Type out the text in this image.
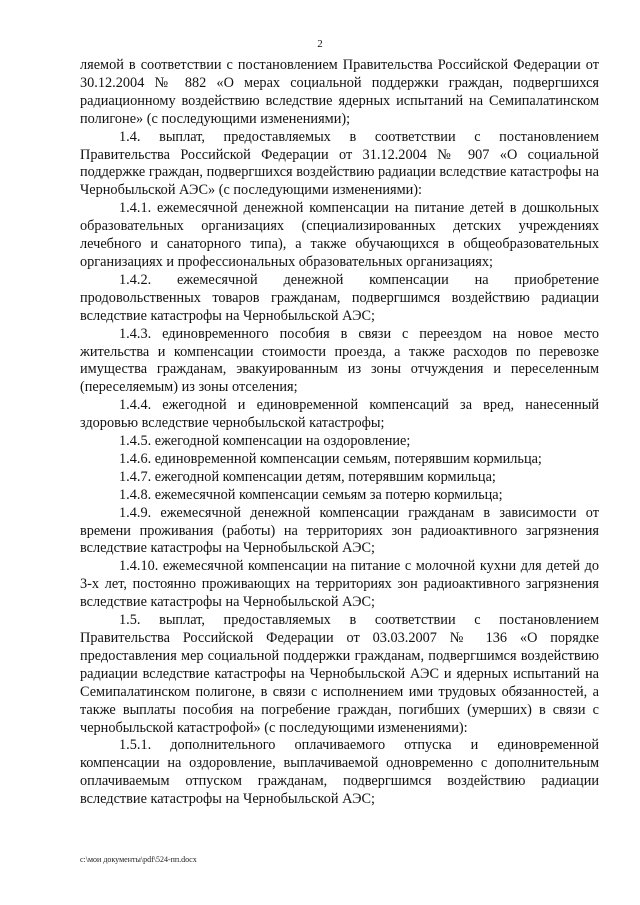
2

ляемой в соответствии с постановлением Правительства Российской Федерации от 30.12.2004 № 882 «О мерах социальной поддержки граждан, подвергшихся радиационному воздействию вследствие ядерных испытаний на Семипалатинском полигоне» (с последующими изменениями);

1.4. выплат, предоставляемых в соответствии с постановлением Правительства Российской Федерации от 31.12.2004 № 907 «О социальной поддержке граждан, подвергшихся воздействию радиации вследствие катастрофы на Чернобыльской АЭС» (с последующими изменениями):

1.4.1. ежемесячной денежной компенсации на питание детей в дошкольных образовательных организациях (специализированных детских учреждениях лечебного и санаторного типа), а также обучающихся в общеобразовательных организациях и профессиональных образовательных организациях;

1.4.2. ежемесячной денежной компенсации на приобретение продовольственных товаров гражданам, подвергшимся воздействию радиации вследствие катастрофы на Чернобыльской АЭС;

1.4.3. единовременного пособия в связи с переездом на новое место жительства и компенсации стоимости проезда, а также расходов по перевозке имущества гражданам, эвакуированным из зоны отчуждения и переселенным (переселяемым) из зоны отселения;

1.4.4. ежегодной и единовременной компенсаций за вред, нанесенный здоровью вследствие чернобыльской катастрофы;

1.4.5. ежегодной компенсации на оздоровление;

1.4.6. единовременной компенсации семьям, потерявшим кормильца;

1.4.7. ежегодной компенсации детям, потерявшим кормильца;

1.4.8. ежемесячной компенсации семьям за потерю кормильца;

1.4.9. ежемесячной денежной компенсации гражданам в зависимости от времени проживания (работы) на территориях зон радиоактивного загрязнения вследствие катастрофы на Чернобыльской АЭС;

1.4.10. ежемесячной компенсации на питание с молочной кухни для детей до 3-х лет, постоянно проживающих на территориях зон радиоактивного загрязнения вследствие катастрофы на Чернобыльской АЭС;

1.5. выплат, предоставляемых в соответствии с постановлением Правительства Российской Федерации от 03.03.2007 № 136 «О порядке предоставления мер социальной поддержки гражданам, подвергшимся воздействию радиации вследствие катастрофы на Чернобыльской АЭС и ядерных испытаний на Семипалатинском полигоне, в связи с исполнением ими трудовых обязанностей, а также выплаты пособия на погребение граждан, погибших (умерших) в связи с чернобыльской катастрофой» (с последующими изменениями):

1.5.1. дополнительного оплачиваемого отпуска и единовременной компенсации на оздоровление, выплачиваемой одновременно с дополнительным оплачиваемым отпуском гражданам, подвергшимся воздействию радиации вследствие катастрофы на Чернобыльской АЭС;

c:\мои документы\pdf\524-пп.docx
